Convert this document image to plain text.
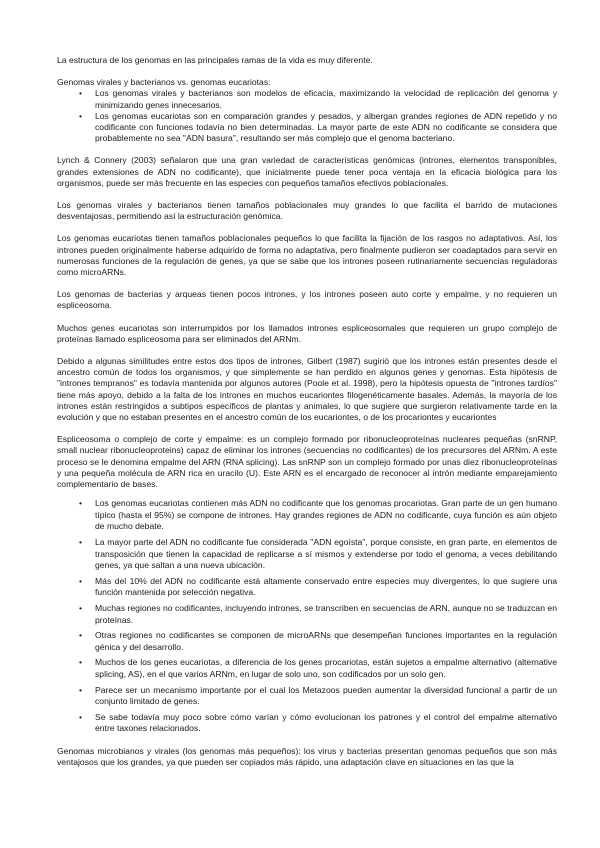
La estructura de los genomas en las principales ramas de la vida es muy diferente.

Genomas virales y bacterianos vs. genomas eucariotas:

• Los genomas virales y bacterianos son modelos de eficacia, maximizando la velocidad de replicación del genoma y minimizando genes innecesarios.
• Los genomas eucariotas son en comparación grandes y pesados, y albergan grandes regiones de ADN repetido y no codificante con funciones todavía no bien determinadas. La mayor parte de este ADN no codificante se considera que probablemente no sea "ADN basura", resultando ser más complejo que el genoma bacteriano.

Lynch & Connery (2003) señalaron que una gran variedad de características genómicas (intrones, elementos transponibles, grandes extensiones de ADN no codificante), que inicialmente puede tener poca ventaja en la eficacia biológica para los organismos, puede ser más frecuente en las especies con pequeños tamaños efectivos poblacionales.

Los genomas virales y bacterianos tienen tamaños poblacionales muy grandes lo que facilita el barrido de mutaciones desventajosas, permitiendo así la estructuración genómica.

Los genomas eucariotas tienen tamaños poblacionales pequeños lo que facilita la fijación de los rasgos no adaptativos. Así, los intrones pueden originalmente haberse adquirido de forma no adaptativa, pero finalmente pudieron ser coadaptados para servir en numerosas funciones de la regulación de genes, ya que se sabe que los intrones poseen rutinariamente secuencias reguladoras como microARNs.

Los genomas de bacterias y arqueas tienen pocos intrones, y los intrones poseen auto corte y empalme, y no requieren un espliceosoma.

Muchos genes eucariotas son interrumpidos por los llamados intrones espliceosomales que requieren un grupo complejo de proteínas llamado espliceosoma para ser eliminados del ARNm.

Debido a algunas similitudes entre estos dos tipos de intrones, Gilbert (1987) sugirió que los intrones están presentes desde el ancestro común de todos los organismos, y que simplemente se han perdido en algunos genes y genomas. Esta hipótesis de "intrones tempranos" es todavía mantenida por algunos autores (Poole et al. 1998), pero la hipótesis opuesta de "intrones tardíos" tiene más apoyo, debido a la falta de los intrones en muchos eucariontes filogenéticamente basales. Además, la mayoría de los intrones están restringidos a subtipos específicos de plantas y animales, lo que sugiere que surgieron relativamente tarde en la evolución y que no estaban presentes en el ancestro común de los eucariontes, o de los procariontes y eucariontes

Espliceosoma o complejo de corte y empalme: es un complejo formado por ribonucleoproteínas nucleares pequeñas (snRNP, small nuclear ribonucleoproteins) capaz de eliminar los intrones (secuencias no codificantes) de los precursores del ARNm. A este proceso se le denomina empalme del ARN (RNA splicing). Las snRNP son un complejo formado por unas diez ribonucleoproteínas y una pequeña molécula de ARN rica en uracilo (U). Este ARN es el encargado de reconocer al intrón mediante emparejamiento complementario de bases.

• Los genomas eucariotas contienen más ADN no codificante que los genomas procariotas. Gran parte de un gen humano típico (hasta el 95%) se compone de intrones. Hay grandes regiones de ADN no codificante, cuya función es aún objeto de mucho debate.
• La mayor parte del ADN no codificante fue considerada "ADN egoísta", porque consiste, en gran parte, en elementos de transposición que tienen la capacidad de replicarse a sí mismos y extenderse por todo el genoma, a veces debilitando genes, ya que saltan a una nueva ubicación.
• Más del 10% del ADN no codificante está altamente conservado entre especies muy divergentes, lo que sugiere una función mantenida por selección negativa.
• Muchas regiones no codificantes, incluyendo intrones, se transcriben en secuencias de ARN, aunque no se traduzcan en proteínas.
• Otras regiones no codificantes se componen de microARNs que desempeñan funciones importantes en la regulación génica y del desarrollo.
• Muchos de los genes eucariotas, a diferencia de los genes procariotas, están sujetos a empalme alternativo (alternative splicing, AS), en el que varios ARNm, en lugar de solo uno, son codificados por un solo gen.
• Parece ser un mecanismo importante por el cual los Metazoos pueden aumentar la diversidad funcional a partir de un conjunto limitado de genes.
• Se sabe todavía muy poco sobre cómo varían y cómo evolucionan los patrones y el control del empalme alternativo entre taxones relacionados.

Genomas microbianos y virales (los genomas más pequeños): los virus y bacterias presentan genomas pequeños que son más ventajosos que los grandes, ya que pueden ser copiados más rápido, una adaptación clave en situaciones en las que la
